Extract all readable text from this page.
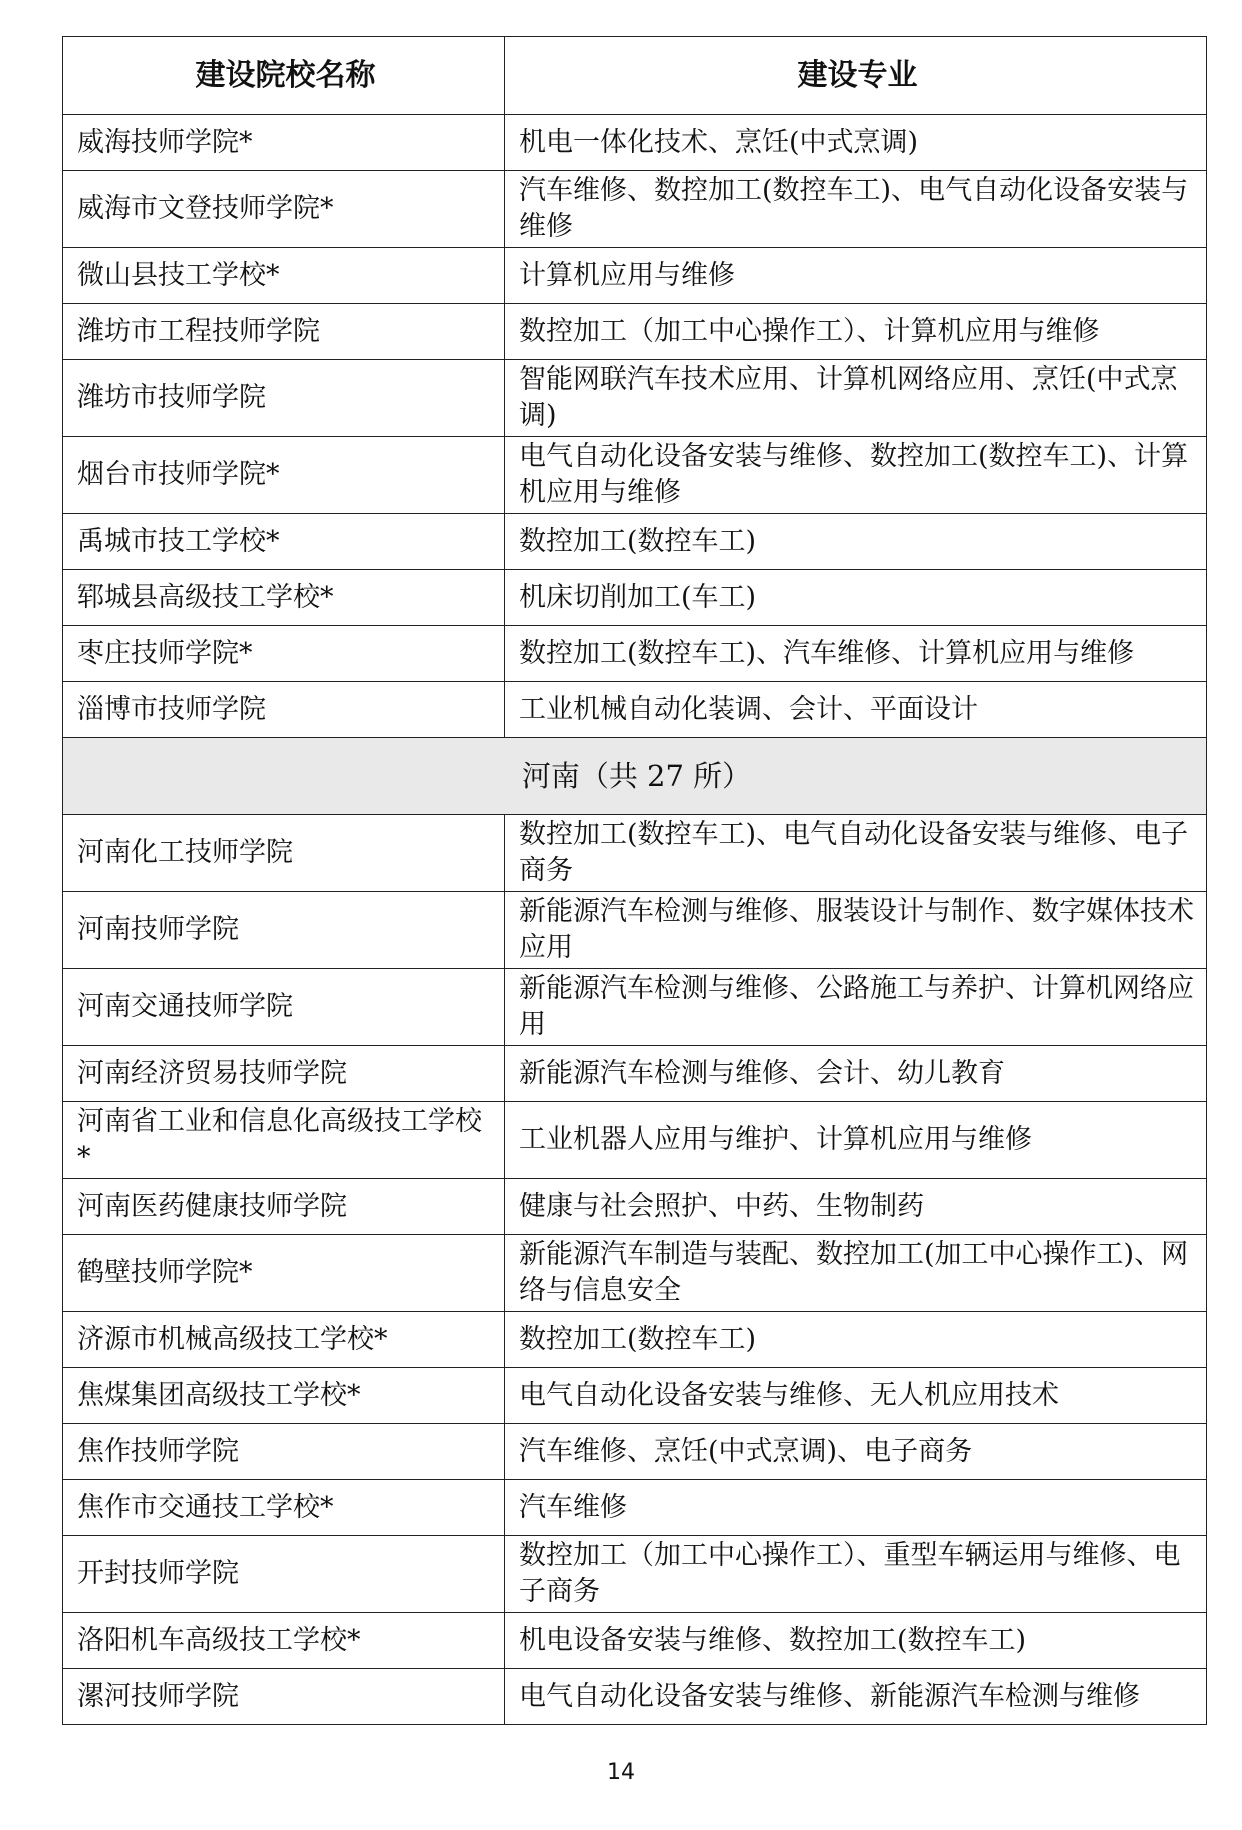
建设院校名称	建设专业
威海技师学院*	机电一体化技术、烹饪(中式烹调)
威海市文登技师学院*	汽车维修、数控加工(数控车工)、电气自动化设备安装与维修
微山县技工学校*	计算机应用与维修
潍坊市工程技师学院	数控加工（加工中心操作工）、计算机应用与维修
潍坊市技师学院	智能网联汽车技术应用、计算机网络应用、烹饪(中式烹调)
烟台市技师学院*	电气自动化设备安装与维修、数控加工(数控车工)、计算机应用与维修
禹城市技工学校*	数控加工(数控车工)
郓城县高级技工学校*	机床切削加工(车工)
枣庄技师学院*	数控加工(数控车工)、汽车维修、计算机应用与维修
淄博市技师学院	工业机械自动化装调、会计、平面设计
河南（共 27 所）	
河南化工技师学院	数控加工(数控车工)、电气自动化设备安装与维修、电子商务
河南技师学院	新能源汽车检测与维修、服装设计与制作、数字媒体技术应用
河南交通技师学院	新能源汽车检测与维修、公路施工与养护、计算机网络应用
河南经济贸易技师学院	新能源汽车检测与维修、会计、幼儿教育
河南省工业和信息化高级技工学校*	工业机器人应用与维护、计算机应用与维修
河南医药健康技师学院	健康与社会照护、中药、生物制药
鹤壁技师学院*	新能源汽车制造与装配、数控加工(加工中心操作工)、网络与信息安全
济源市机械高级技工学校*	数控加工(数控车工)
焦煤集团高级技工学校*	电气自动化设备安装与维修、无人机应用技术
焦作技师学院	汽车维修、烹饪(中式烹调)、电子商务
焦作市交通技工学校*	汽车维修
开封技师学院	数控加工（加工中心操作工）、重型车辆运用与维修、电子商务
洛阳机车高级技工学校*	机电设备安装与维修、数控加工(数控车工)
漯河技师学院	电气自动化设备安装与维修、新能源汽车检测与维修
14
